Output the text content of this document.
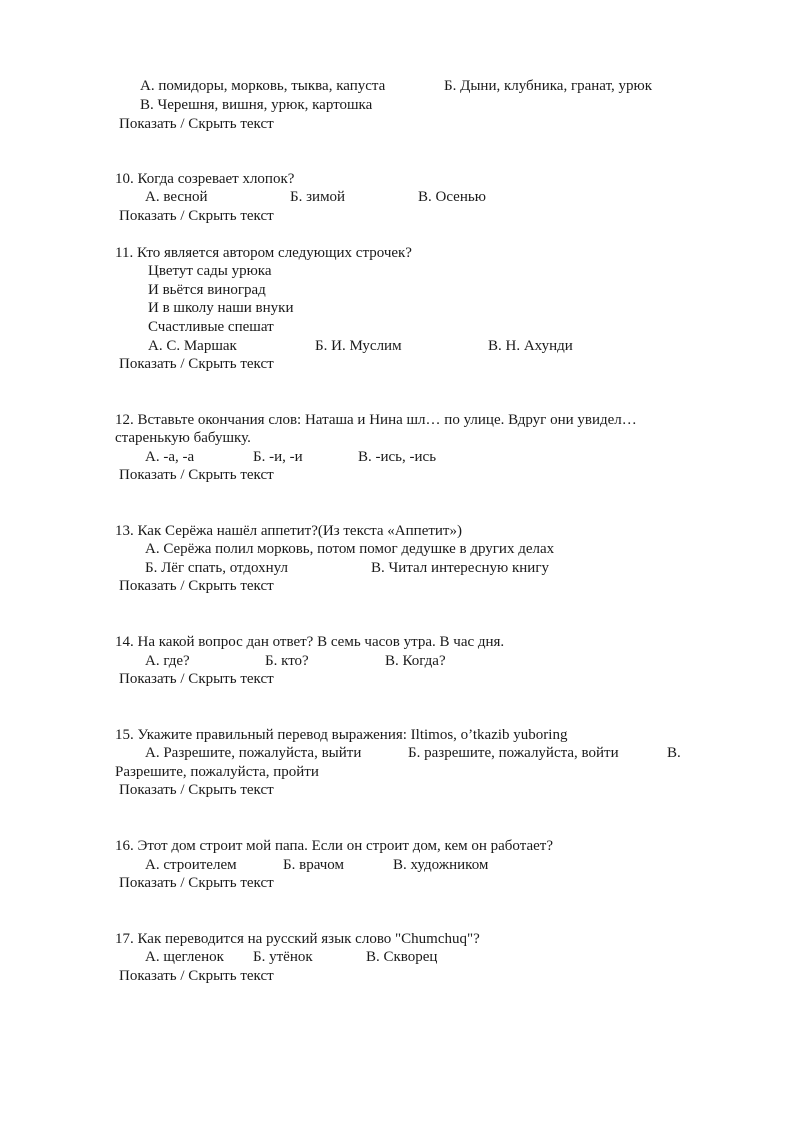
А. помидоры, морковь, тыква, капуста	Б. Дыни, клубника, гранат, урюк
В. Черешня, вишня, урюк, картошка
Показать / Скрыть текст
10. Когда созревает хлопок?
А. весной	Б. зимой	В. Осенью
Показать / Скрыть текст
11. Кто является автором следующих строчек?
Цветут сады урюка
И вьётся виноград
И в школу наши внуки
Счастливые спешат
А. С. Маршак	Б. И. Муслим	В. Н. Ахунди
Показать / Скрыть текст
12. Вставьте окончания слов: Наташа и Нина шл… по улице. Вдруг они увидел…
старенькую бабушку.
А. -а, -а	Б. -и, -и	В. -ись, -ись
Показать / Скрыть текст
13. Как Серёжа нашёл аппетит?(Из текста «Аппетит»)
А. Серёжа полил морковь, потом помог дедушке в других делах
Б. Лёг спать, отдохнул	В. Читал интересную книгу
Показать / Скрыть текст
14. На какой вопрос дан ответ? В семь часов утра. В час дня.
А. где?	Б. кто?	В. Когда?
Показать / Скрыть текст
15. Укажите правильный перевод выражения: Iltimos, o’tkazib yuboring
А. Разрешите, пожалуйста, выйти	Б. разрешите, пожалуйста, войти	В.
Разрешите, пожалуйста, пройти
Показать / Скрыть текст
16. Этот дом строит мой папа. Если он строит дом, кем он работает?
А. строителем	Б. врачом	В. художником
Показать / Скрыть текст
17. Как переводится на русский язык слово "Chumchuq"?
А. щегленок Б. утёнок	В. Скворец
Показать / Скрыть текст
